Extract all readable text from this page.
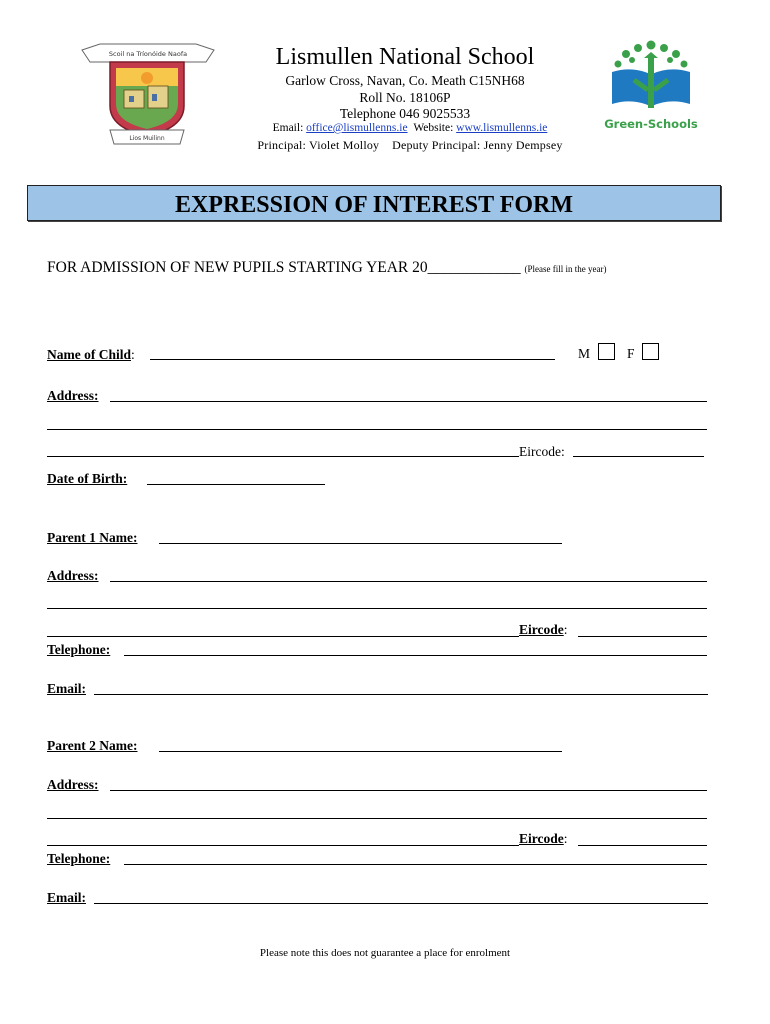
Scoil na Tríonóide Naofa
Lios Muilinn
Lismullen National School
Garlow Cross, Navan, Co. Meath C15NH68
Roll No. 18106P
Telephone 046 9025533
Email: office@lismullenns.ie Website: www.lismullenns.ie
Principal: Violet Molloy Deputy Principal: Jenny Dempsey
Green-Schools
EXPRESSION OF INTEREST FORM
FOR ADMISSION OF NEW PUPILS STARTING YEAR 20____________ (Please fill in the year)
Name of Child:	M	F
Address:
Eircode:
Date of Birth:
Parent 1 Name:
Address:
Eircode:
Telephone:
Email:
Parent 2 Name:
Address:
Eircode:
Telephone:
Email:
Please note this does not guarantee a place for enrolment
